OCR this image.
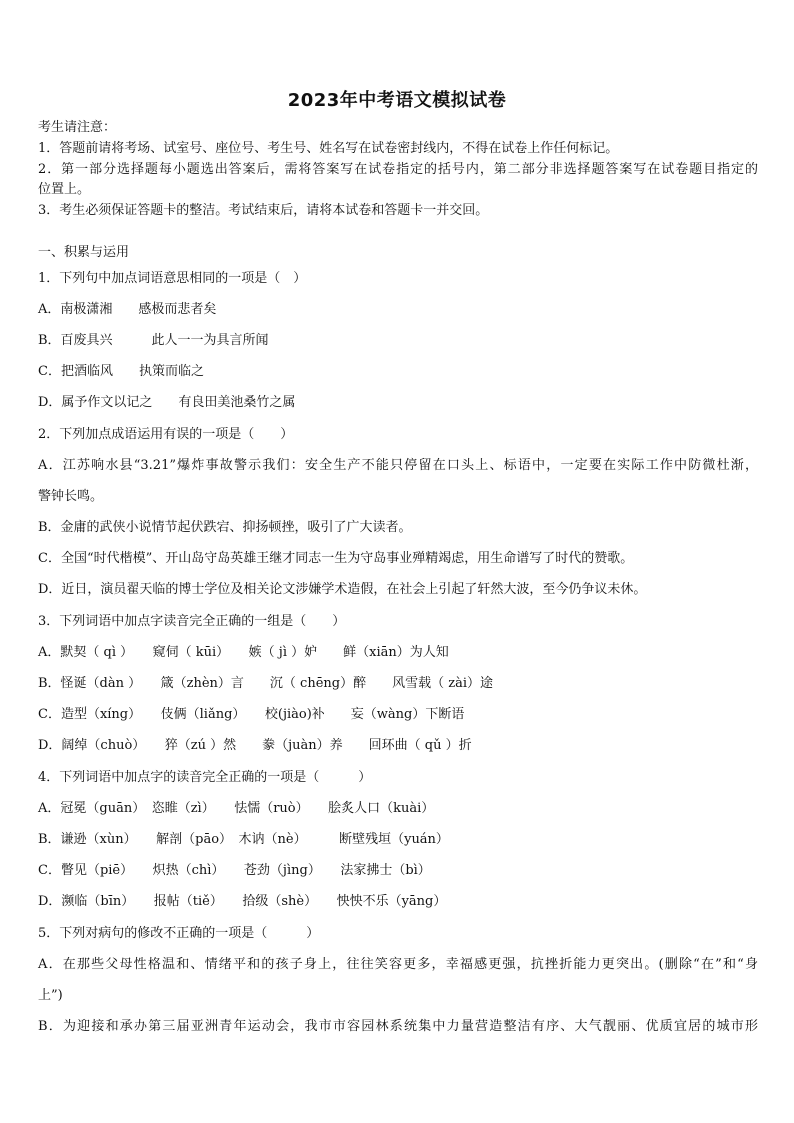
2023年中考语文模拟试卷
考生请注意：
1．答题前请将考场、试室号、座位号、考生号、姓名写在试卷密封线内，不得在试卷上作任何标记。
2．第一部分选择题每小题选出答案后，需将答案写在试卷指定的括号内，第二部分非选择题答案写在试卷题目指定的
位置上。
3．考生必须保证答题卡的整洁。考试结束后，请将本试卷和答题卡一并交回。
一、积累与运用
1．下列句中加点词语意思相同的一项是（　）
A．南极潇湘　　感极而悲者矣
B．百废具兴　　　此人一一为具言所闻
C．把酒临风　　执策而临之
D．属予作文以记之　　有良田美池桑竹之属
2．下列加点成语运用有误的一项是（　　）
A．江苏响水县“3.21”爆炸事故警示我们：安全生产不能只停留在口头上、标语中，一定要在实际工作中防微杜渐，
警钟长鸣。
B．金庸的武侠小说情节起伏跌宕、抑扬顿挫，吸引了广大读者。
C．全国“时代楷模”、开山岛守岛英雄王继才同志一生为守岛事业殚精竭虑，用生命谱写了时代的赞歌。
D．近日，演员翟天临的博士学位及相关论文涉嫌学术造假，在社会上引起了轩然大波，至今仍争议未休。
3．下列词语中加点字读音完全正确的一组是（　　）
A．默契（ qì ）　　窥伺（ kūi）　　嫉（ jì ）妒　　鲜（xiān）为人知
B．怪诞（dàn ）　　箴（zhèn）言　　沉（ chēng）醉　　风雪载（ zài）途
C．造型（xíng）　　伎俩（liǎng）　　校(jiào)补　　妄（wàng）下断语
D．阔绰（chuò）　　猝（zú ）然　　豢（juàn）养　　回环曲（ qǔ ）折
4．下列词语中加点字的读音完全正确的一项是（　　　）
A．冠冕（guān）　恣睢（zì）　　怯懦（ruò）　　脍炙人口（kuài）
B．谦逊（xùn）　　解剖（pāo）　木讷（nè）　　　断壁残垣（yuán）
C．瞥见（piē）　　炽热（chì）　　苍劲（jìng）　　法家拂士（bì）
D．濒临（bīn）　　报帖（tiě）　　拾级（shè）　　怏怏不乐（yāng）
5．下列对病句的修改不正确的一项是（　　　）
A．在那些父母性格温和、情绪平和的孩子身上，往往笑容更多，幸福感更强，抗挫折能力更突出。(删除“在”和“身
上”)
B．为迎接和承办第三届亚洲青年运动会，我市市容园林系统集中力量营造整洁有序、大气靓丽、优质宜居的城市形
